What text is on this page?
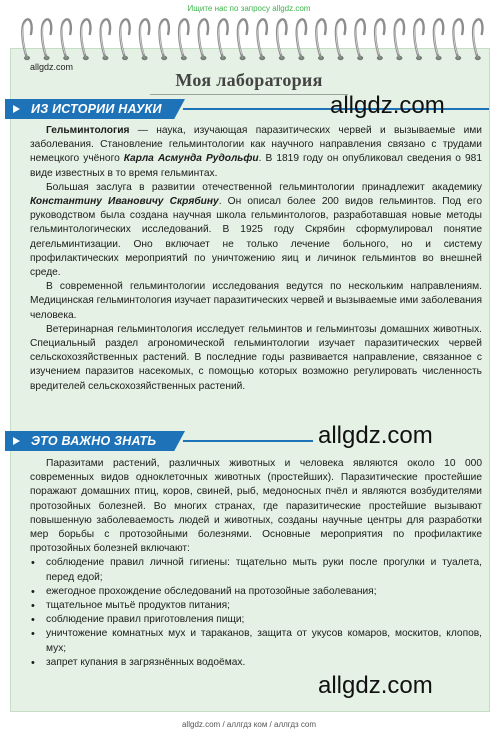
Ищите нас по запросу allgdz.com
allgdz.com
Моя лаборатория
ИЗ ИСТОРИИ НАУКИ	allgdz.com

Гельминтология — наука, изучающая паразитических червей и вызываемые ими заболевания. Становление гельминтологии как научного направления связано с трудами немецкого учёного Карла Асмунда Рудольфи. В 1819 году он опубликовал сведения о 981 виде известных в то время гельминтах.

Большая заслуга в развитии отечественной гельминтологии принадлежит академику Константину Ивановичу Скрябину. Он описал более 200 видов гельминтов. Под его руководством была создана научная школа гельминтологов, разработавшая новые методы гельминтологических исследований. В 1925 году Скрябин сформулировал понятие дегельминтизации. Оно включает не только лечение больного, но и систему профилактических мероприятий по уничтожению яиц и личинок гельминтов во внешней среде.

В современной гельминтологии исследования ведутся по нескольким направлениям. Медицинская гельминтология изучает паразитических червей и вызываемые ими заболевания человека.

Ветеринарная гельминтология исследует гельминтов и гельминтозы домашних животных. Специальный раздел агрономической гельминтологии изучает паразитических червей сельскохозяйственных растений. В последние годы развивается направление, связанное с изучением паразитов насекомых, с помощью которых возможно регулировать численность вредителей сельскохозяйственных растений.

allgdz.com
ЭТО ВАЖНО ЗНАТЬ

Паразитами растений, различных животных и человека являются около 10 000 современных видов одноклеточных животных (простейших). Паразитические простейшие поражают домашних птиц, коров, свиней, рыб, медоносных пчёл и являются возбудителями протозойных болезней. Во многих странах, где паразитические простейшие вызывают повышенную заболеваемость людей и животных, созданы научные центры для разработки мер борьбы с протозойными болезнями. Основные мероприятия по профилактике протозойных болезней включают:

• соблюдение правил личной гигиены: тщательно мыть руки после прогулки и туалета, перед едой;
• ежегодное прохождение обследований на протозойные заболевания;
• тщательное мытьё продуктов питания;
• соблюдение правил приготовления пищи;
• уничтожение комнатных мух и тараканов, защита от укусов комаров, москитов, клопов, мух;
• запрет купания в загрязнённых водоёмах.
allgdz.com
allgdz.com / аллгдз ком / аллгдз com
